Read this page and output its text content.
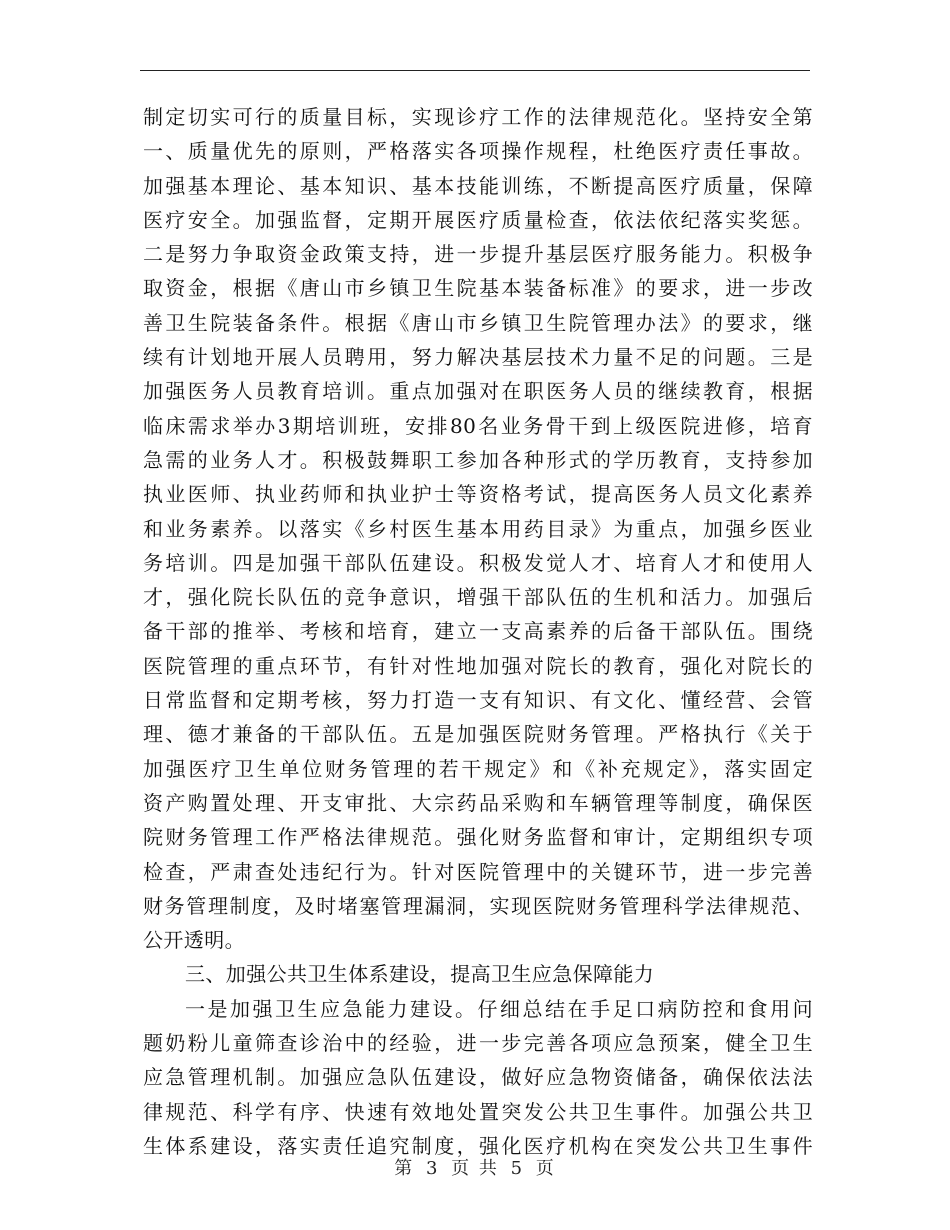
制定切实可行的质量目标，实现诊疗工作的法律规范化。坚持安全第
一、质量优先的原则，严格落实各项操作规程，杜绝医疗责任事故。
加强基本理论、基本知识、基本技能训练，不断提高医疗质量，保障
医疗安全。加强监督，定期开展医疗质量检查，依法依纪落实奖惩。
二是努力争取资金政策支持，进一步提升基层医疗服务能力。积极争
取资金，根据《唐山市乡镇卫生院基本装备标准》的要求，进一步改
善卫生院装备条件。根据《唐山市乡镇卫生院管理办法》的要求，继
续有计划地开展人员聘用，努力解决基层技术力量不足的问题。三是
加强医务人员教育培训。重点加强对在职医务人员的继续教育，根据
临床需求举办3期培训班，安排80名业务骨干到上级医院进修，培育
急需的业务人才。积极鼓舞职工参加各种形式的学历教育，支持参加
执业医师、执业药师和执业护士等资格考试，提高医务人员文化素养
和业务素养。以落实《乡村医生基本用药目录》为重点，加强乡医业
务培训。四是加强干部队伍建设。积极发觉人才、培育人才和使用人
才，强化院长队伍的竞争意识，增强干部队伍的生机和活力。加强后
备干部的推举、考核和培育，建立一支高素养的后备干部队伍。围绕
医院管理的重点环节，有针对性地加强对院长的教育，强化对院长的
日常监督和定期考核，努力打造一支有知识、有文化、懂经营、会管
理、德才兼备的干部队伍。五是加强医院财务管理。严格执行《关于
加强医疗卫生单位财务管理的若干规定》和《补充规定》，落实固定
资产购置处理、开支审批、大宗药品采购和车辆管理等制度，确保医
院财务管理工作严格法律规范。强化财务监督和审计，定期组织专项
检查，严肃查处违纪行为。针对医院管理中的关键环节，进一步完善
财务管理制度，及时堵塞管理漏洞，实现医院财务管理科学法律规范、
公开透明。
三、加强公共卫生体系建设，提高卫生应急保障能力
一是加强卫生应急能力建设。仔细总结在手足口病防控和食用问
题奶粉儿童筛查诊治中的经验，进一步完善各项应急预案，健全卫生
应急管理机制。加强应急队伍建设，做好应急物资储备，确保依法法
律规范、科学有序、快速有效地处置突发公共卫生事件。加强公共卫
生体系建设，落实责任追究制度，强化医疗机构在突发公共卫生事件
第 3 页 共 5 页
